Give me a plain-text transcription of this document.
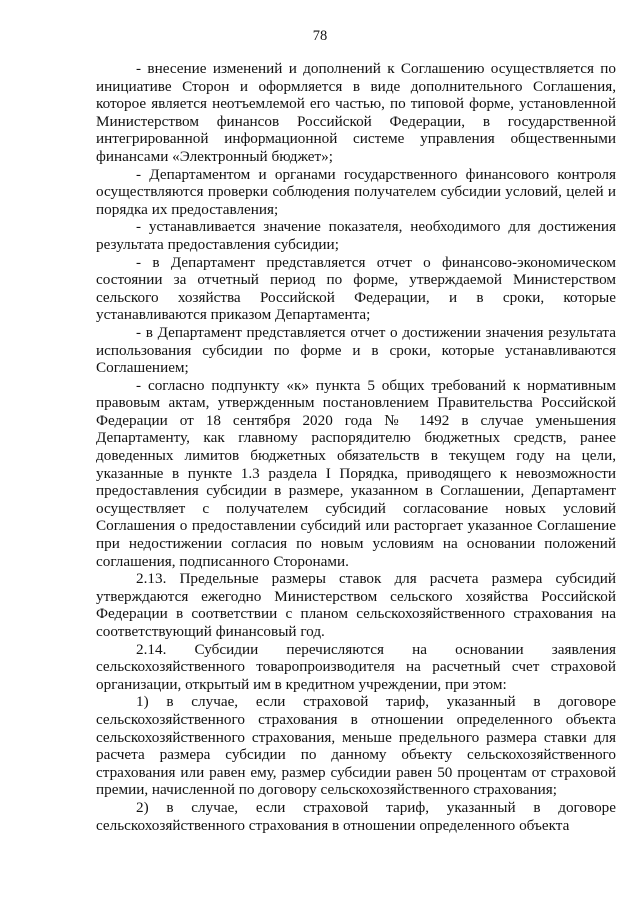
78

- внесение изменений и дополнений к Соглашению осуществляется по инициативе Сторон и оформляется в виде дополнительного Соглашения, которое является неотъемлемой его частью, по типовой форме, установленной Министерством финансов Российской Федерации, в государственной интегрированной информационной системе управления общественными финансами «Электронный бюджет»;

- Департаментом и органами государственного финансового контроля осуществляются проверки соблюдения получателем субсидии условий, целей и порядка их предоставления;

- устанавливается значение показателя, необходимого для достижения результата предоставления субсидии;

- в Департамент представляется отчет о финансово-экономическом состоянии за отчетный период по форме, утверждаемой Министерством сельского хозяйства Российской Федерации, и в сроки, которые устанавливаются приказом Департамента;

- в Департамент представляется отчет о достижении значения результата использования субсидии по форме и в сроки, которые устанавливаются Соглашением;

- согласно подпункту «к» пункта 5 общих требований к нормативным правовым актам, утвержденным постановлением Правительства Российской Федерации от 18 сентября 2020 года № 1492 в случае уменьшения Департаменту, как главному распорядителю бюджетных средств, ранее доведенных лимитов бюджетных обязательств в текущем году на цели, указанные в пункте 1.3 раздела I Порядка, приводящего к невозможности предоставления субсидии в размере, указанном в Соглашении, Департамент осуществляет с получателем субсидий согласование новых условий Соглашения о предоставлении субсидий или расторгает указанное Соглашение при недостижении согласия по новым условиям на основании положений соглашения, подписанного Сторонами.

2.13. Предельные размеры ставок для расчета размера субсидий утверждаются ежегодно Министерством сельского хозяйства Российской Федерации в соответствии с планом сельскохозяйственного страхования на соответствующий финансовый год.

2.14. Субсидии перечисляются на основании заявления сельскохозяйственного товаропроизводителя на расчетный счет страховой организации, открытый им в кредитном учреждении, при этом:

1) в случае, если страховой тариф, указанный в договоре сельскохозяйственного страхования в отношении определенного объекта сельскохозяйственного страхования, меньше предельного размера ставки для расчета размера субсидии по данному объекту сельскохозяйственного страхования или равен ему, размер субсидии равен 50 процентам от страховой премии, начисленной по договору сельскохозяйственного страхования;

2) в случае, если страховой тариф, указанный в договоре сельскохозяйственного страхования в отношении определенного объекта
